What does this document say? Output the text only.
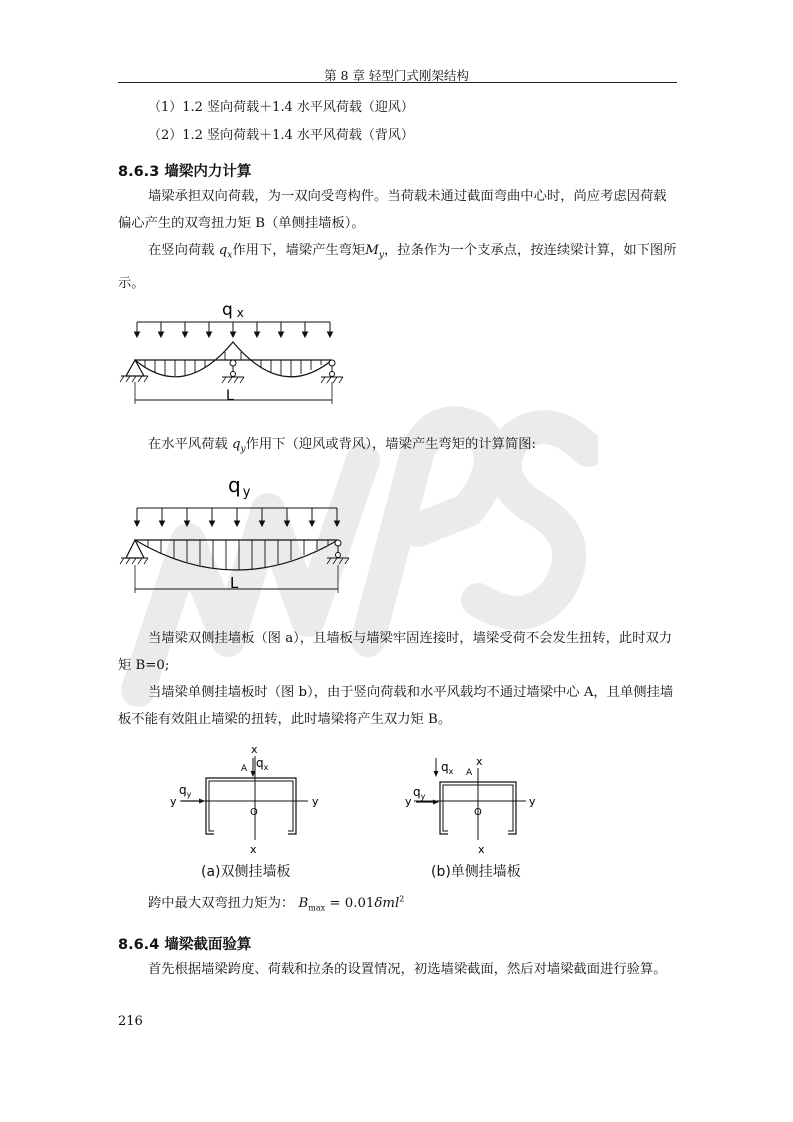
第 8 章 轻型门式刚架结构
（1）1.2 竖向荷载＋1.4 水平风荷载（迎风）
（2）1.2 竖向荷载＋1.4 水平风荷载（背风）
8.6.3 墙梁内力计算

墙梁承担双向荷载，为一双向受弯构件。当荷载未通过截面弯曲中心时，尚应考虑因荷载偏心产生的双弯扭力矩 B（单侧挂墙板）。

在竖向荷载 $q_x$作用下，墙梁产生弯矩$M_y$，拉条作为一个支承点，按连续梁计算，如下图所示。

q x
L

在水平风荷载 $q_y$作用下（迎风或背风），墙梁产生弯矩的计算简图:

q $_y$
L

当墙梁双侧挂墙板（图 a），且墙板与墙梁牢固连接时，墙梁受荷不会发生扭转，此时双力矩 B=0;

当墙梁单侧挂墙板时（图 b），由于竖向荷载和水平风载均不通过墙梁中心 A，且单侧挂墙板不能有效阻止墙梁的扭转，此时墙梁将产生双力矩 B。

x
x
y	y
A $q_x$
$q_y$
O
x
x
y	y
A
$q_x$
$q_y$
O
(a)双侧挂墙板	(b)单侧挂墙板
跨中最大双弯扭力矩为： $B_{max} = 0.01\delta ml^2$
8.6.4 墙梁截面验算

首先根据墙梁跨度、荷载和拉条的设置情况，初选墙梁截面，然后对墙梁截面进行验算。

216
